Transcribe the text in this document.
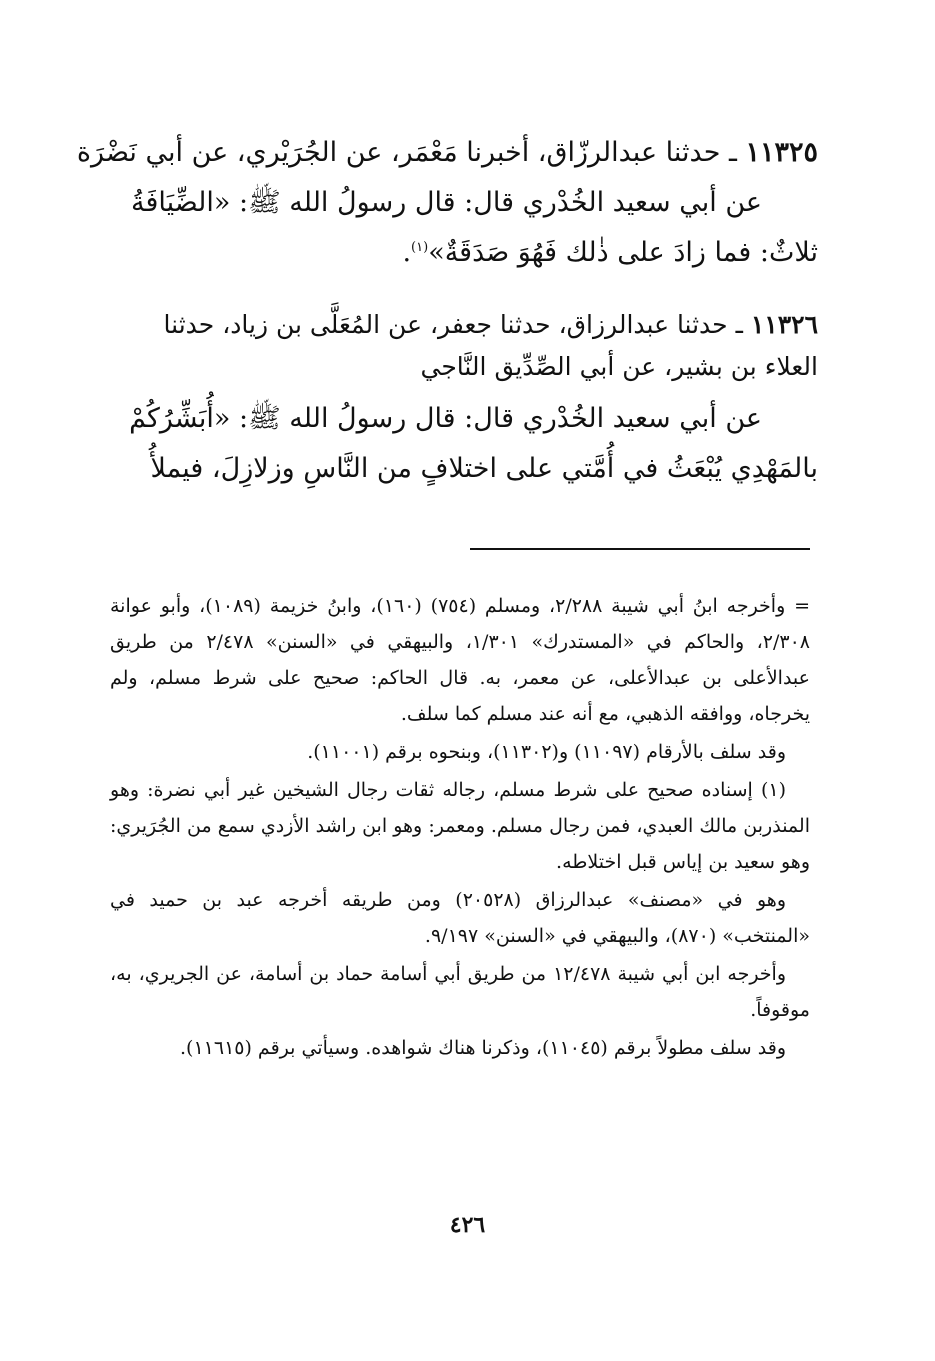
١١٣٢٥ ـ حدثنا عبدالرزّاق، أخبرنا مَعْمَر، عن الجُرَيْري، عن أبي نَضْرَة
عن أبي سعيد الخُدْري قال: قال رسولُ الله ﷺ: «الضِّيَافَةُ
ثلاثٌ: فما زادَ على ذٰلك فَهُوَ صَدَقَةٌ»$^{(١)}$.
١١٣٢٦ ـ حدثنا عبدالرزاق، حدثنا جعفر، عن المُعَلَّى بن زياد، حدثنا
العلاء بن بشير، عن أبي الصِّدِّيق النَّاجي
عن أبي سعيد الخُدْري قال: قال رسولُ الله ﷺ: «أُبَشِّرُكُمْ
بالمَهْدِي يُبْعَثُ في أُمَّتي على اختلافٍ من النَّاسِ وزلازِلَ، فيملأُ

= وأخرجه ابنُ أبي شيبة ٢/٢٨٨، ومسلم (٧٥٤) (١٦٠)، وابنُ خزيمة (١٠٨٩)، وأبو عوانة ٢/٣٠٨، والحاكم في «المستدرك» ١/٣٠١، والبيهقي في «السنن» ٢/٤٧٨ من طريق عبدالأعلى بن عبدالأعلى، عن معمر، به. قال الحاكم: صحيح على شرط مسلم، ولم يخرجاه، ووافقه الذهبي، مع أنه عند مسلم كما سلف.

وقد سلف بالأرقام (١١٠٩٧) و(١١٣٠٢)، وبنحوه برقم (١١٠٠١).

(١) إسناده صحيح على شرط مسلم، رجاله ثقات رجال الشيخين غير أبي نضرة: وهو المنذربن مالك العبدي، فمن رجال مسلم. ومعمر: وهو ابن راشد الأزدي سمع من الجُرَيري: وهو سعيد بن إياس قبل اختلاطه.

وهو في «مصنف» عبدالرزاق (٢٠٥٢٨) ومن طريقه أخرجه عبد بن حميد في «المنتخب» (٨٧٠)، والبيهقي في «السنن» ٩/١٩٧.

وأخرجه ابن أبي شيبة ١٢/٤٧٨ من طريق أبي أسامة حماد بن أسامة، عن الجريري، به، موقوفاً.

وقد سلف مطولاً برقم (١١٠٤٥)، وذكرنا هناك شواهده. وسيأتي برقم (١١٦١٥).

٤٢٦
